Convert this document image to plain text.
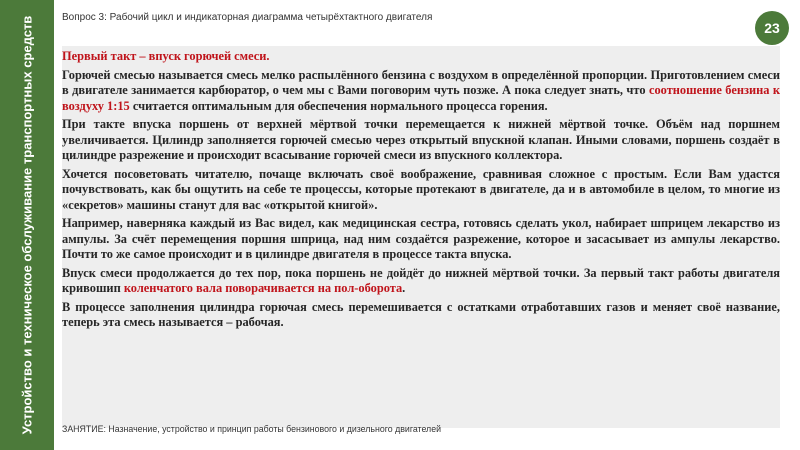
Устройство и техническое обслуживание транспортных средств	Вопрос 3: Рабочий цикл и индикаторная диаграмма четырёхтактного двигателя
23

Первый такт – впуск горючей смеси.

Горючей смесью называется смесь мелко распылённого бензина с воздухом в определённой пропорции. Приготовлением смеси в двигателе занимается карбюратор, о чем мы с Вами поговорим чуть позже. А пока следует знать, что соотношение бензина к воздуху 1:15 считается оптимальным для обеспечения нормального процесса горения.

При такте впуска поршень от верхней мёртвой точки перемещается к нижней мёртвой точке. Объём над поршнем увеличивается. Цилиндр заполняется горючей смесью через открытый впускной клапан. Иными словами, поршень создаёт в цилиндре разрежение и происходит всасывание горючей смеси из впускного коллектора.

Хочется посоветовать читателю, почаще включать своё воображение, сравнивая сложное с простым. Если Вам удастся почувствовать, как бы ощутить на себе те процессы, которые протекают в двигателе, да и в автомобиле в целом, то многие из «секретов» машины станут для вас «открытой книгой».

Например, наверняка каждый из Вас видел, как медицинская сестра, готовясь сделать укол, набирает шприцем лекарство из ампулы. За счёт перемещения поршня шприца, над ним создаётся разрежение, которое и засасывает из ампулы лекарство. Почти то же самое происходит и в цилиндре двигателя в процессе такта впуска.

Впуск смеси продолжается до тех пор, пока поршень не дойдёт до нижней мёртвой точки. За первый такт работы двигателя кривошип коленчатого вала поворачивается на пол-оборота.

В процессе заполнения цилиндра горючая смесь перемешивается с остатками отработавших газов и меняет своё название, теперь эта смесь называется – рабочая.

ЗАНЯТИЕ: Назначение, устройство и принцип работы бензинового и дизельного двигателей
